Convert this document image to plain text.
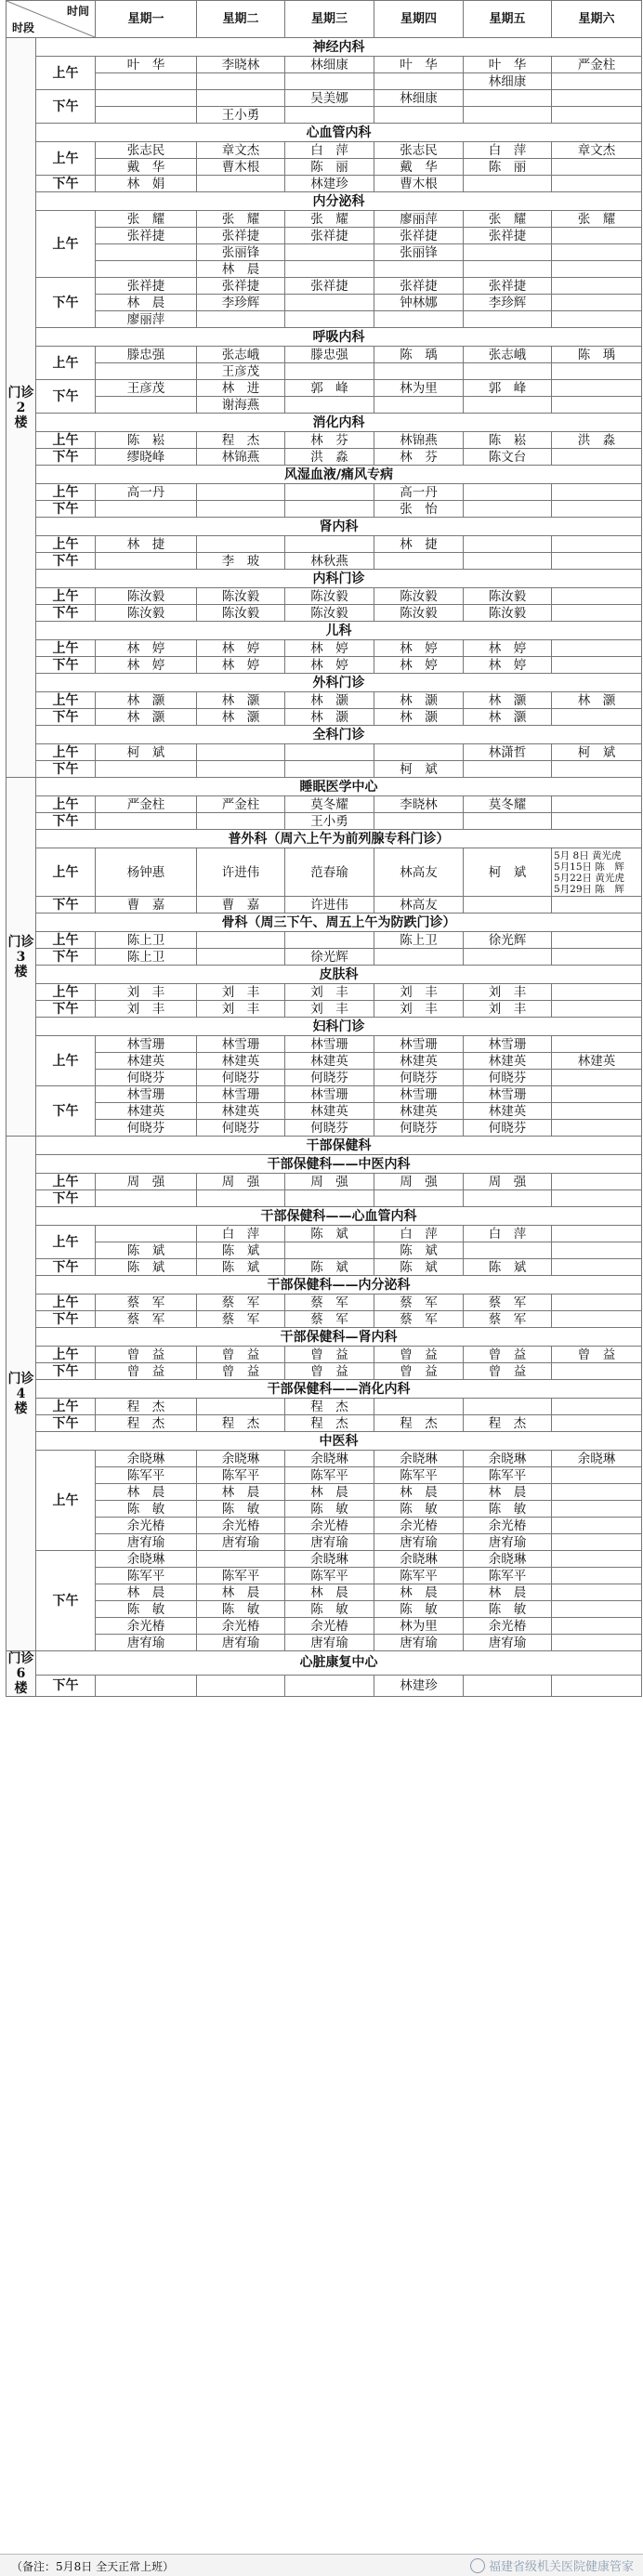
时间
时段		星期一	星期二	星期三	星期四	星期五	星期六
门诊
2
楼	神经内科						
	上午	叶　华	李晓林	林细康	叶　华	叶　华	严金柱
						林细康	
	下午			吴美娜	林细康		
			王小勇				
	心血管内科						
	上午	张志民	章文杰	白　萍	张志民	白　萍	章文杰
		戴　华	曹木根	陈　丽	戴　华	陈　丽	
	下午	林　娟		林建珍	曹木根		
	内分泌科						
	上午	张　耀	张　耀	张　耀	廖丽萍	张　耀	张　耀
		张祥捷	张祥捷	张祥捷	张祥捷	张祥捷	
			张丽锋		张丽锋		
			林　晨				
	下午	张祥捷	张祥捷	张祥捷	张祥捷	张祥捷	
		林　晨	李珍辉		钟林娜	李珍辉	
		廖丽萍					
	呼吸内科						
	上午	滕忠强	张志峨	滕忠强	陈　瑀	张志峨	陈　瑀
			王彦茂				
	下午	王彦茂	林　进	郭　峰	林为里	郭　峰	
			谢海燕				
	消化内科						
	上午	陈　崧	程　杰	林　芬	林锦燕	陈　崧	洪　淼
	下午	缪晓峰	林锦燕	洪　淼	林　芬	陈文台	
	风湿血液/痛风专病						
	上午	高一丹			高一丹		
	下午				张　怡		
	肾内科						
	上午	林　捷			林　捷		
	下午		李　玻	林秋燕			
	内科门诊						
	上午	陈汝毅	陈汝毅	陈汝毅	陈汝毅	陈汝毅	
	下午	陈汝毅	陈汝毅	陈汝毅	陈汝毅	陈汝毅	
	儿科						
	上午	林　婷	林　婷	林　婷	林　婷	林　婷	
	下午	林　婷	林　婷	林　婷	林　婷	林　婷	
	外科门诊						
	上午	林　灏	林　灏	林　灏	林　灏	林　灏	林　灏
	下午	林　灏	林　灏	林　灏	林　灏	林　灏	
	全科门诊						
	上午	柯　斌				林潇哲	柯　斌
	下午				柯　斌		
门诊
3
楼	睡眠医学中心						
	上午	严金柱	严金柱	莫冬耀	李晓林	莫冬耀	
	下午			王小勇			
	普外科（周六上午为前列腺专科门诊）						
	上午	杨钟惠	许进伟	范春瑜	林高友	柯　斌	5月 8日 黄光虎
5月15日 陈　辉
5月22日 黄光虎
5月29日 陈　辉
	下午	曹　嘉	曹　嘉	许进伟	林高友		
	骨科（周三下午、周五上午为防跌门诊）						
	上午	陈上卫			陈上卫	徐光辉	
	下午	陈上卫		徐光辉			
	皮肤科						
	上午	刘　丰	刘　丰	刘　丰	刘　丰	刘　丰	
	下午	刘　丰	刘　丰	刘　丰	刘　丰	刘　丰	
	妇科门诊						
	上午	林雪珊	林雪珊	林雪珊	林雪珊	林雪珊	
		林建英	林建英	林建英	林建英	林建英	林建英
		何晓芬	何晓芬	何晓芬	何晓芬	何晓芬	
	下午	林雪珊	林雪珊	林雪珊	林雪珊	林雪珊	
		林建英	林建英	林建英	林建英	林建英	
		何晓芬	何晓芬	何晓芬	何晓芬	何晓芬	
门诊
4
楼	干部保健科						
	干部保健科——中医内科						
	上午	周　强	周　强	周　强	周　强	周　强	
	下午						
	干部保健科——心血管内科						
	上午		白　萍	陈　斌	白　萍	白　萍	
		陈　斌	陈　斌		陈　斌		
	下午	陈　斌	陈　斌	陈　斌	陈　斌	陈　斌	
	干部保健科——内分泌科						
	上午	蔡　军	蔡　军	蔡　军	蔡　军	蔡　军	
	下午	蔡　军	蔡　军	蔡　军	蔡　军	蔡　军	
	干部保健科—肾内科						
	上午	曾　益	曾　益	曾　益	曾　益	曾　益	曾　益
	下午	曾　益	曾　益	曾　益	曾　益	曾　益	
	干部保健科——消化内科						
	上午	程　杰		程　杰			
	下午	程　杰	程　杰	程　杰	程　杰	程　杰	
	中医科						
	上午	余晓琳	余晓琳	余晓琳	余晓琳	余晓琳	余晓琳
		陈军平	陈军平	陈军平	陈军平	陈军平	
		林　晨	林　晨	林　晨	林　晨	林　晨	
		陈　敏	陈　敏	陈　敏	陈　敏	陈　敏	
		余光椿	余光椿	余光椿	余光椿	余光椿	
		唐宥瑜	唐宥瑜	唐宥瑜	唐宥瑜	唐宥瑜	
	下午	余晓琳		余晓琳	余晓琳	余晓琳	
		陈军平	陈军平	陈军平	陈军平	陈军平	
		林　晨	林　晨	林　晨	林　晨	林　晨	
		陈　敏	陈　敏	陈　敏	陈　敏	陈　敏	
		余光椿	余光椿	余光椿	林为里	余光椿	
		唐宥瑜	唐宥瑜	唐宥瑜	唐宥瑜	唐宥瑜	
门诊
6
楼	心脏康复中心						
	下午				林建珍		
（备注：5月8日 全天正常上班）	福建省级机关医院健康管家
